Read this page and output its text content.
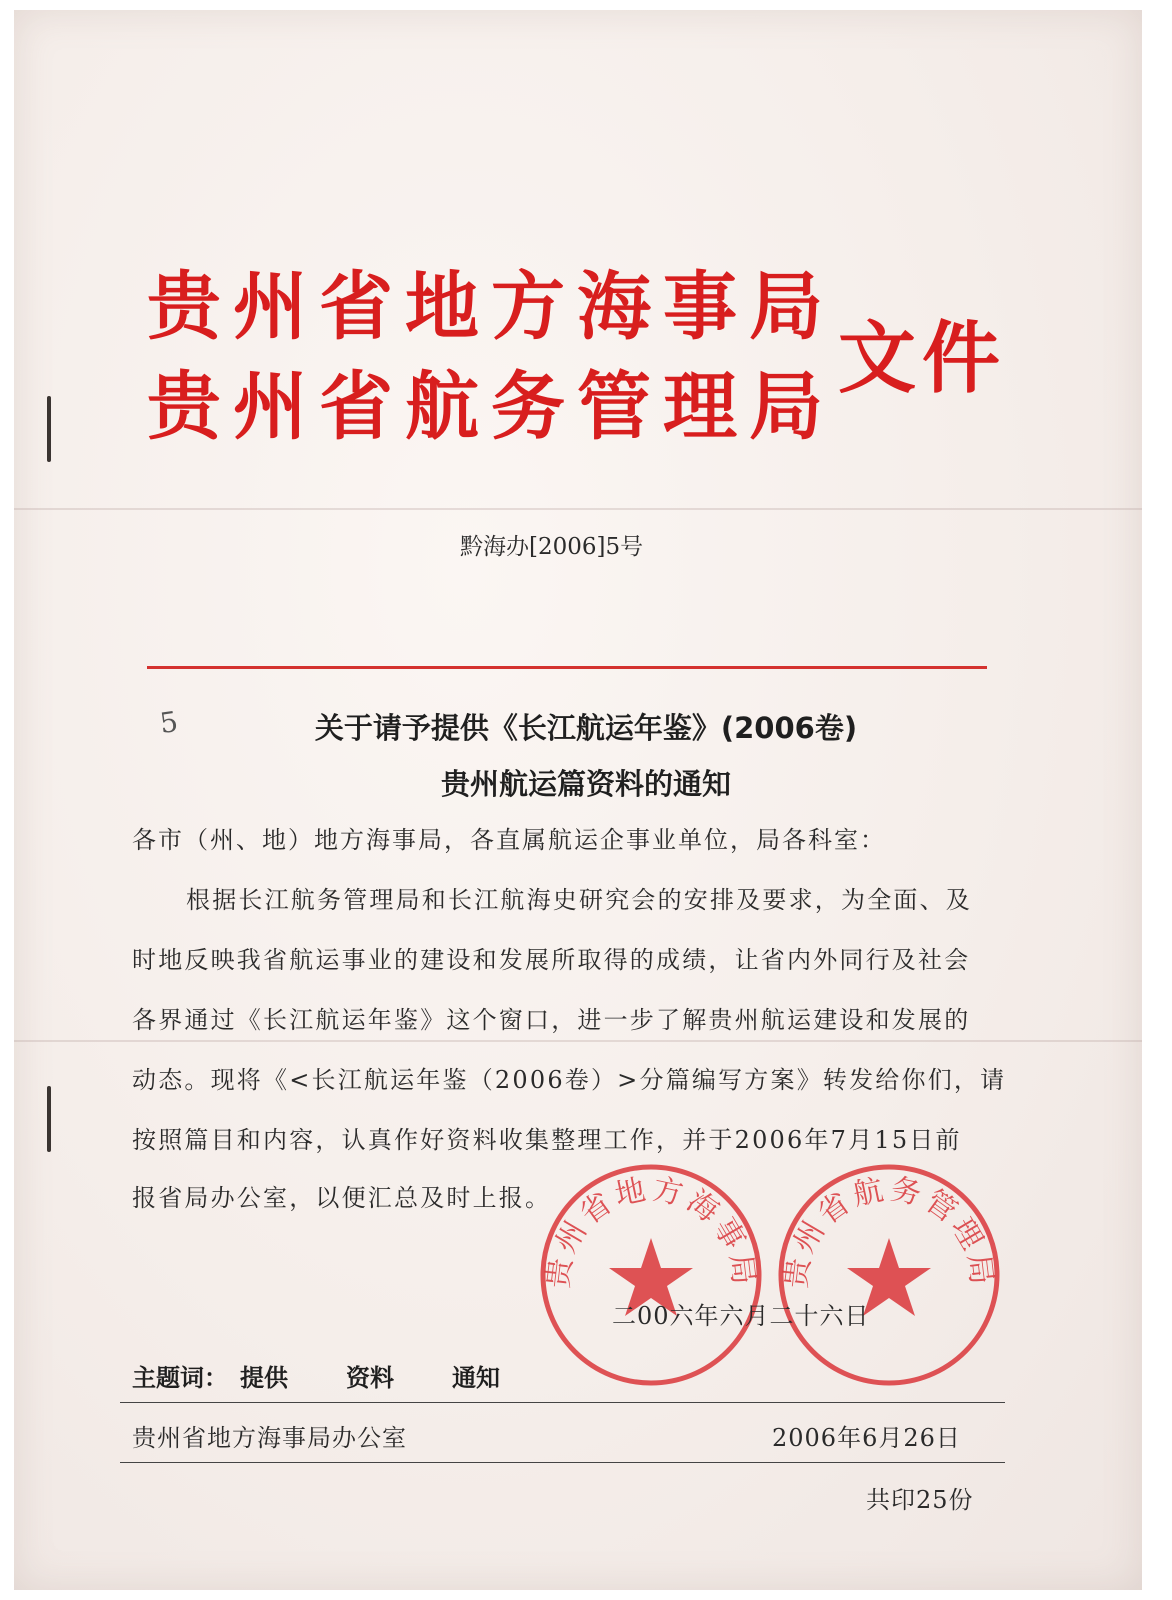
贵州省地方海事局
贵州省航务管理局
文件
黔海办[2006]5号
5	关于请予提供《长江航运年鉴》(2006卷)
贵州航运篇资料的通知
各市（州、地）地方海事局，各直属航运企事业单位，局各科室：
根据长江航务管理局和长江航海史研究会的安排及要求，为全面、及
时地反映我省航运事业的建设和发展所取得的成绩，让省内外同行及社会
各界通过《长江航运年鉴》这个窗口，进一步了解贵州航运建设和发展的
动态。现将《<长江航运年鉴（2006卷）>分篇编写方案》转发给你们，请
按照篇目和内容，认真作好资料收集整理工作，并于2006年7月15日前
报省局办公室，以便汇总及时上报。
贵州省地方海事局 贵州省航务管理局
二00六年六月二十六日
主题词： 提供 资料 通知
贵州省地方海事局办公室	2006年6月26日
共印25份
